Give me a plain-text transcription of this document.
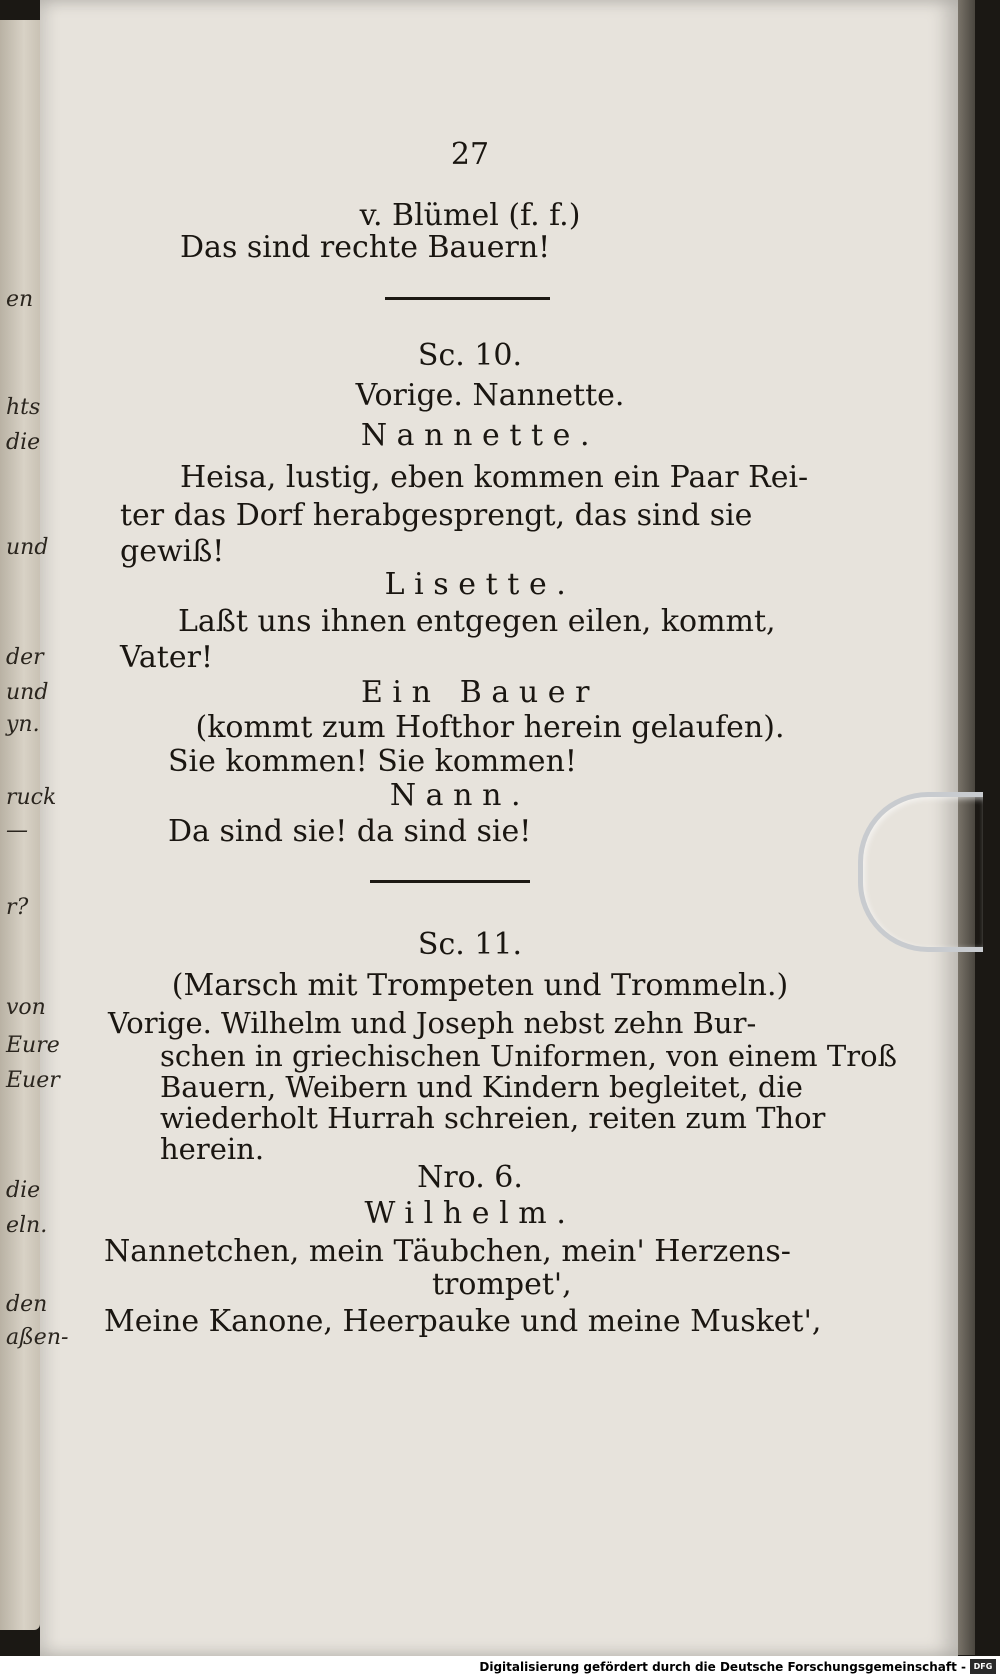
27
v. Blümel (f. f.)
Das sind rechte Bauern!
Sc. 10.
Vorige. Nannette.
Nannette.
Heisa, lustig, eben kommen ein Paar Rei-
ter das Dorf herabgesprengt, das sind sie
gewiß!
Lisette.
Laßt uns ihnen entgegen eilen, kommt,
Vater!
Ein Bauer
(kommt zum Hofthor herein gelaufen).
Sie kommen! Sie kommen!
Nann.
Da sind sie! da sind sie!
Sc. 11.
(Marsch mit Trompeten und Trommeln.)
Vorige. Wilhelm und Joseph nebst zehn Bur-
schen in griechischen Uniformen, von einem Troß
Bauern, Weibern und Kindern begleitet, die
wiederholt Hurrah schreien, reiten zum Thor
herein.
Nro. 6.
Wilhelm.
Nannetchen, mein Täubchen, mein' Herzens-
trompet',
Meine Kanone, Heerpauke und meine Musket',
en
hts
die
und
der
und
yn.
ruck
—
r?
von
Eure
Euer
die
eln.
den
aßen-
Digitalisierung gefördert durch die Deutsche Forschungsgemeinschaft - DFG
